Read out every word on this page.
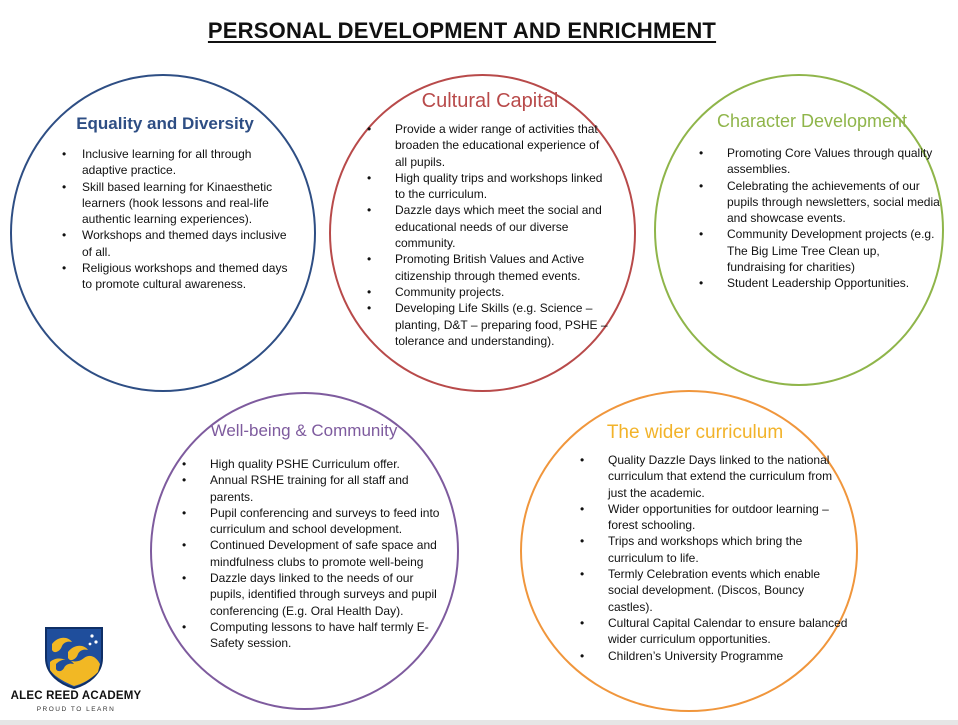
PERSONAL DEVELOPMENT AND ENRICHMENT
Equality and Diversity
• Inclusive learning for all through adaptive practice.
• Skill based learning for Kinaesthetic learners (hook lessons and real-life authentic learning experiences).
• Workshops and themed days inclusive of all.
• Religious workshops and themed days to promote cultural awareness.
Cultural Capital
• Provide a wider range of activities that broaden the educational experience of all pupils.
• High quality trips and workshops linked to the curriculum.
• Dazzle days which meet the social and educational needs of our diverse community.
• Promoting British Values and Active citizenship through themed events.
• Community projects.
• Developing Life Skills (e.g. Science – planting, D&T – preparing food, PSHE – tolerance and understanding).
Character Development
• Promoting Core Values through quality assemblies.
• Celebrating the achievements of our pupils through newsletters, social media and showcase events.
• Community Development projects (e.g. The Big Lime Tree Clean up, fundraising for charities)
• Student Leadership Opportunities.
Well-being & Community
• High quality PSHE Curriculum offer.
• Annual RSHE training for all staff and parents.
• Pupil conferencing and surveys to feed into curriculum and school development.
• Continued Development of safe space and mindfulness clubs to promote well-being
• Dazzle days linked to the needs of our pupils, identified through surveys and pupil conferencing (E.g. Oral Health Day).
• Computing lessons to have half termly E-Safety session.
The wider curriculum
• Quality Dazzle Days linked to the national curriculum that extend the curriculum from just the academic.
• Wider opportunities for outdoor learning – forest schooling.
• Trips and workshops which bring the curriculum to life.
• Termly Celebration events which enable social development. (Discos, Bouncy castles).
• Cultural Capital Calendar to ensure balanced wider curriculum opportunities.
• Children’s University Programme
ALEC REED ACADEMY
PROUD TO LEARN
